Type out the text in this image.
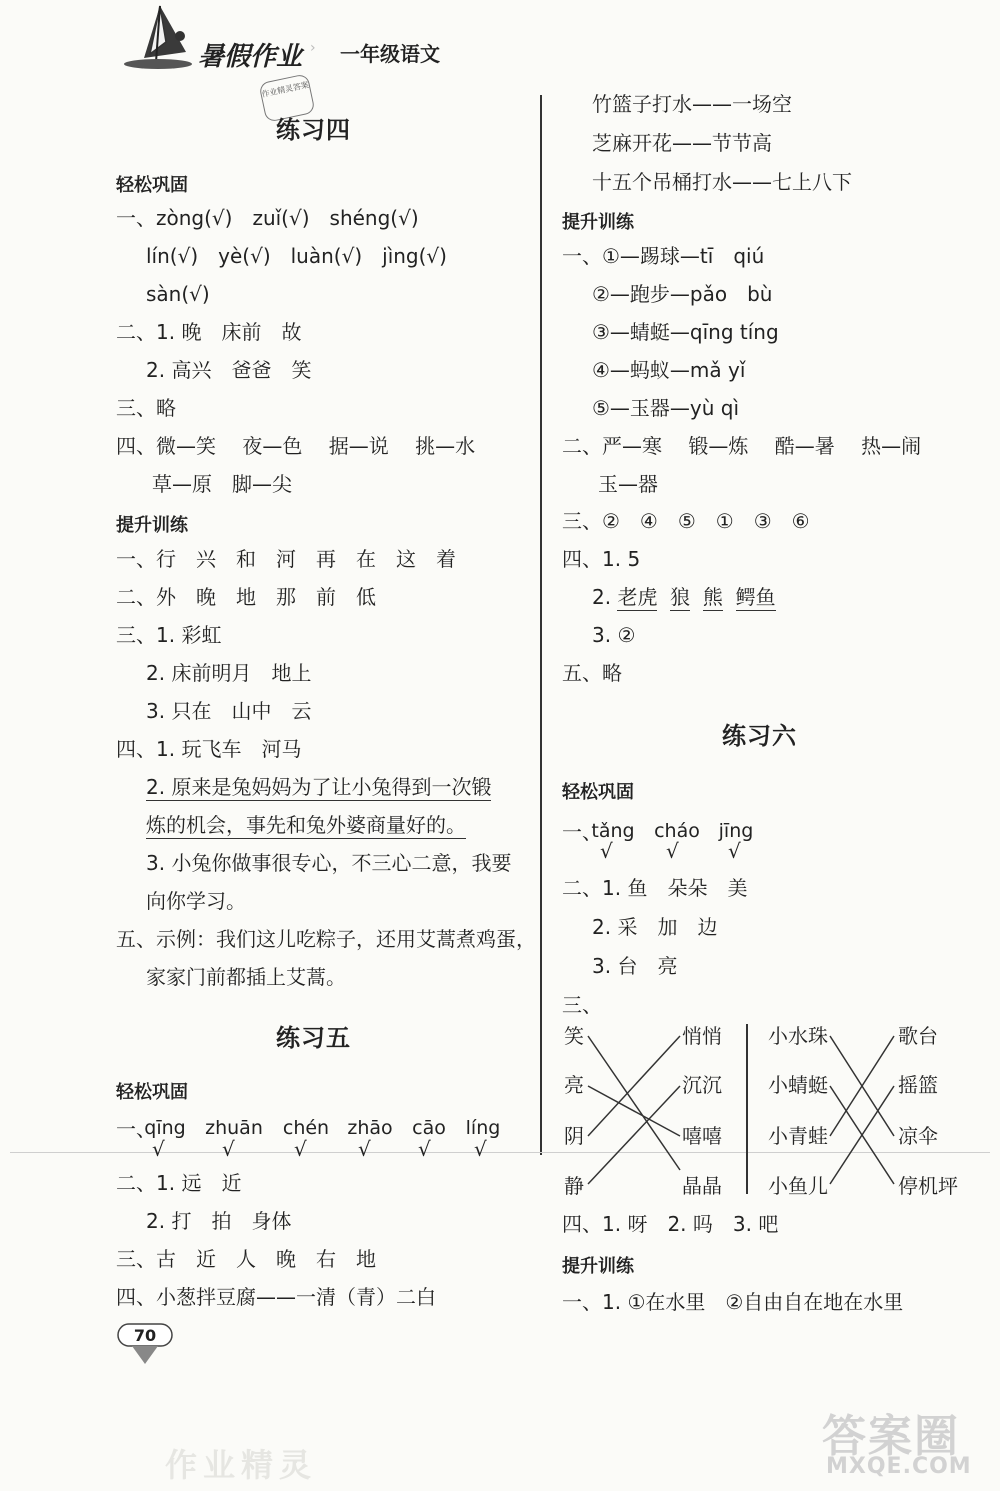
暑假作业 › 一年级语文
作业精灵答案
练习四
轻松巩固
一、zòng(√)　zuǐ(√)　shéng(√)
lín(√)　yè(√)　luàn(√)　jìng(√)
sàn(√)
二、1. 晚　床前　故
2. 高兴　爸爸　笑
三、略
四、微—笑　 夜—色　 据—说　 挑—水
草—原　脚—尖
提升训练
一、行　兴　和　河　再　在　这　着
二、外　晚　地　那　前　低
三、1. 彩虹
2. 床前明月　地上
3. 只在　山中　云
四、1. 玩飞车　河马
2. 原来是兔妈妈为了让小兔得到一次锻
炼的机会，事先和兔外婆商量好的。
3. 小兔你做事很专心，不三心二意，我要
向你学习。
五、示例：我们这儿吃粽子，还用艾蒿煮鸡蛋，
家家门前都插上艾蒿。
练习五
轻松巩固
一、
qīng zhuān chén zhāo	cāo	líng
√	√	√	√ √ √
二、1. 远　近
2. 打　拍　身体
三、古　近　人　晚　右　地
四、小葱拌豆腐——一清（青）二白
70
竹篮子打水——一场空
芝麻开花——节节高
十五个吊桶打水——七上八下
提升训练
一、①—踢球—tī　qiú
②—跑步—pǎo　bù
③—蜻蜓—qīng tíng
④—蚂蚁—mǎ yǐ
⑤—玉器—yù qì
二、严—寒　 锻—炼　 酷—暑　 热—闹
玉—器
三、②　④　⑤　①　③　⑥
四、1. 5
2. 老虎 狼 熊 鳄鱼
3. ②
五、略
练习六
轻松巩固
一、
tǎng cháo jīng
√	√ √
二、1. 鱼　朵朵　美
2. 采　加　边
3. 台　亮
三、
笑
亮
阴
静
悄悄
沉沉
嘻嘻
晶晶
小水珠
小蜻蜓
小青蛙
小鱼儿
歌台
摇篮
凉伞
停机坪
四、1. 呀　2. 吗　3. 吧
提升训练
一、1. ①在水里　②自由自在地在水里
作业精灵
答案圈
MXQE.COM
